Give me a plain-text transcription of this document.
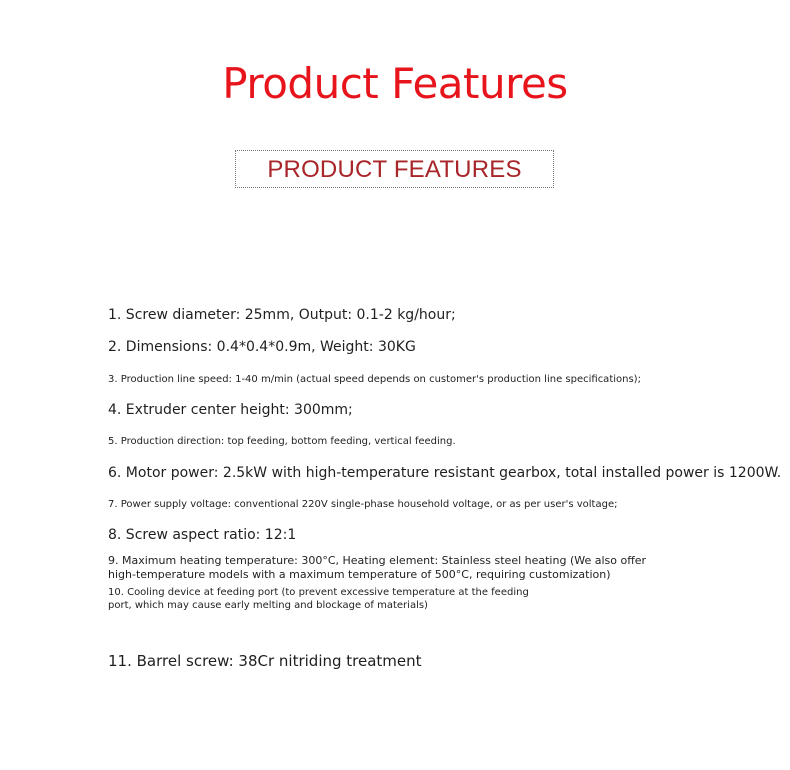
Product Features
PRODUCT FEATURES

1. Screw diameter: 25mm, Output: 0.1-2 kg/hour;

2. Dimensions: 0.4*0.4*0.9m, Weight: 30KG

3. Production line speed: 1-40 m/min (actual speed depends on customer's production line specifications);

4. Extruder center height: 300mm;

5. Production direction: top feeding, bottom feeding, vertical feeding.

6. Motor power: 2.5kW with high-temperature resistant gearbox, total installed power is 1200W.

7. Power supply voltage: conventional 220V single-phase household voltage, or as per user's voltage;

8. Screw aspect ratio: 12:1

9. Maximum heating temperature: 300°C, Heating element: Stainless steel heating (We also offer

high-temperature models with a maximum temperature of 500°C, requiring customization)

10. Cooling device at feeding port (to prevent excessive temperature at the feeding

port, which may cause early melting and blockage of materials)

11. Barrel screw: 38Cr nitriding treatment
